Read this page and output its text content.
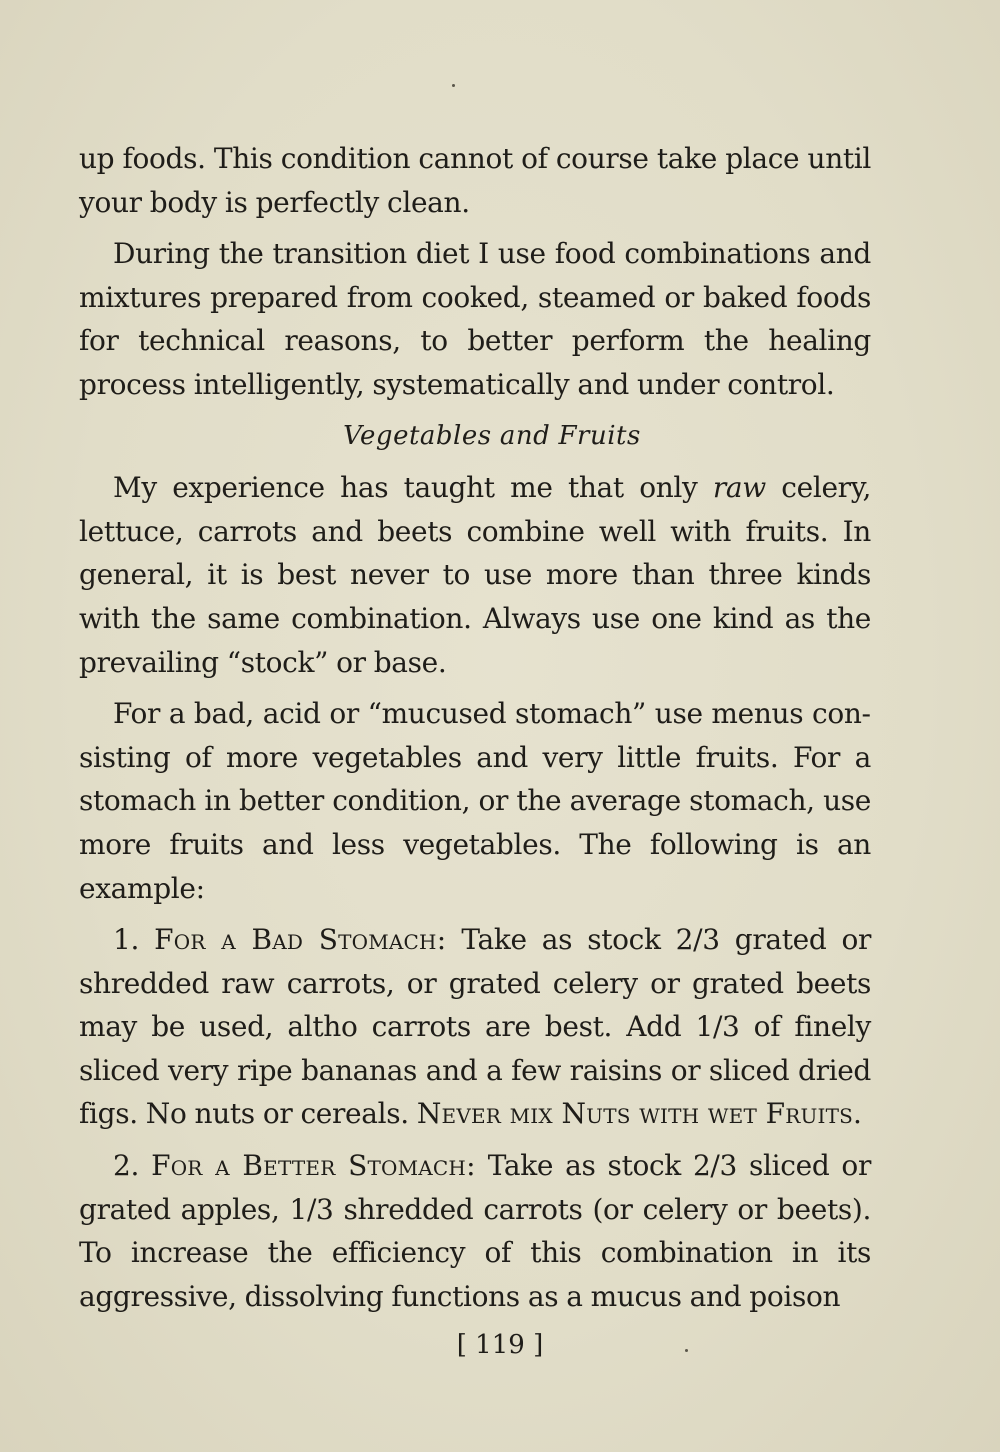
up foods. This condition cannot of course take place until your body is perfectly clean.

During the transition diet I use food combinations and mixtures prepared from cooked, steamed or baked foods for technical reasons, to better perform the healing process intelligently, systematically and under control.

Vegetables and Fruits

My experience has taught me that only raw celery, lettuce, carrots and beets combine well with fruits. In general, it is best never to use more than three kinds with the same combination. Always use one kind as the prevailing “stock” or base.

For a bad, acid or “mucused stomach” use menus consisting of more vegetables and very little fruits. For a stomach in better condition, or the average stomach, use more fruits and less vegetables. The following is an example:

1. For a Bad Stomach: Take as stock 2/3 grated or shredded raw carrots, or grated celery or grated beets may be used, altho carrots are best. Add 1/3 of finely sliced very ripe bananas and a few raisins or sliced dried figs. No nuts or cereals. Never mix Nuts with wet Fruits.

2. For a Better Stomach: Take as stock 2/3 sliced or grated apples, 1/3 shredded carrots (or celery or beets). To increase the efficiency of this combination in its aggressive, dissolving functions as a mucus and poison

[ 119 ]
